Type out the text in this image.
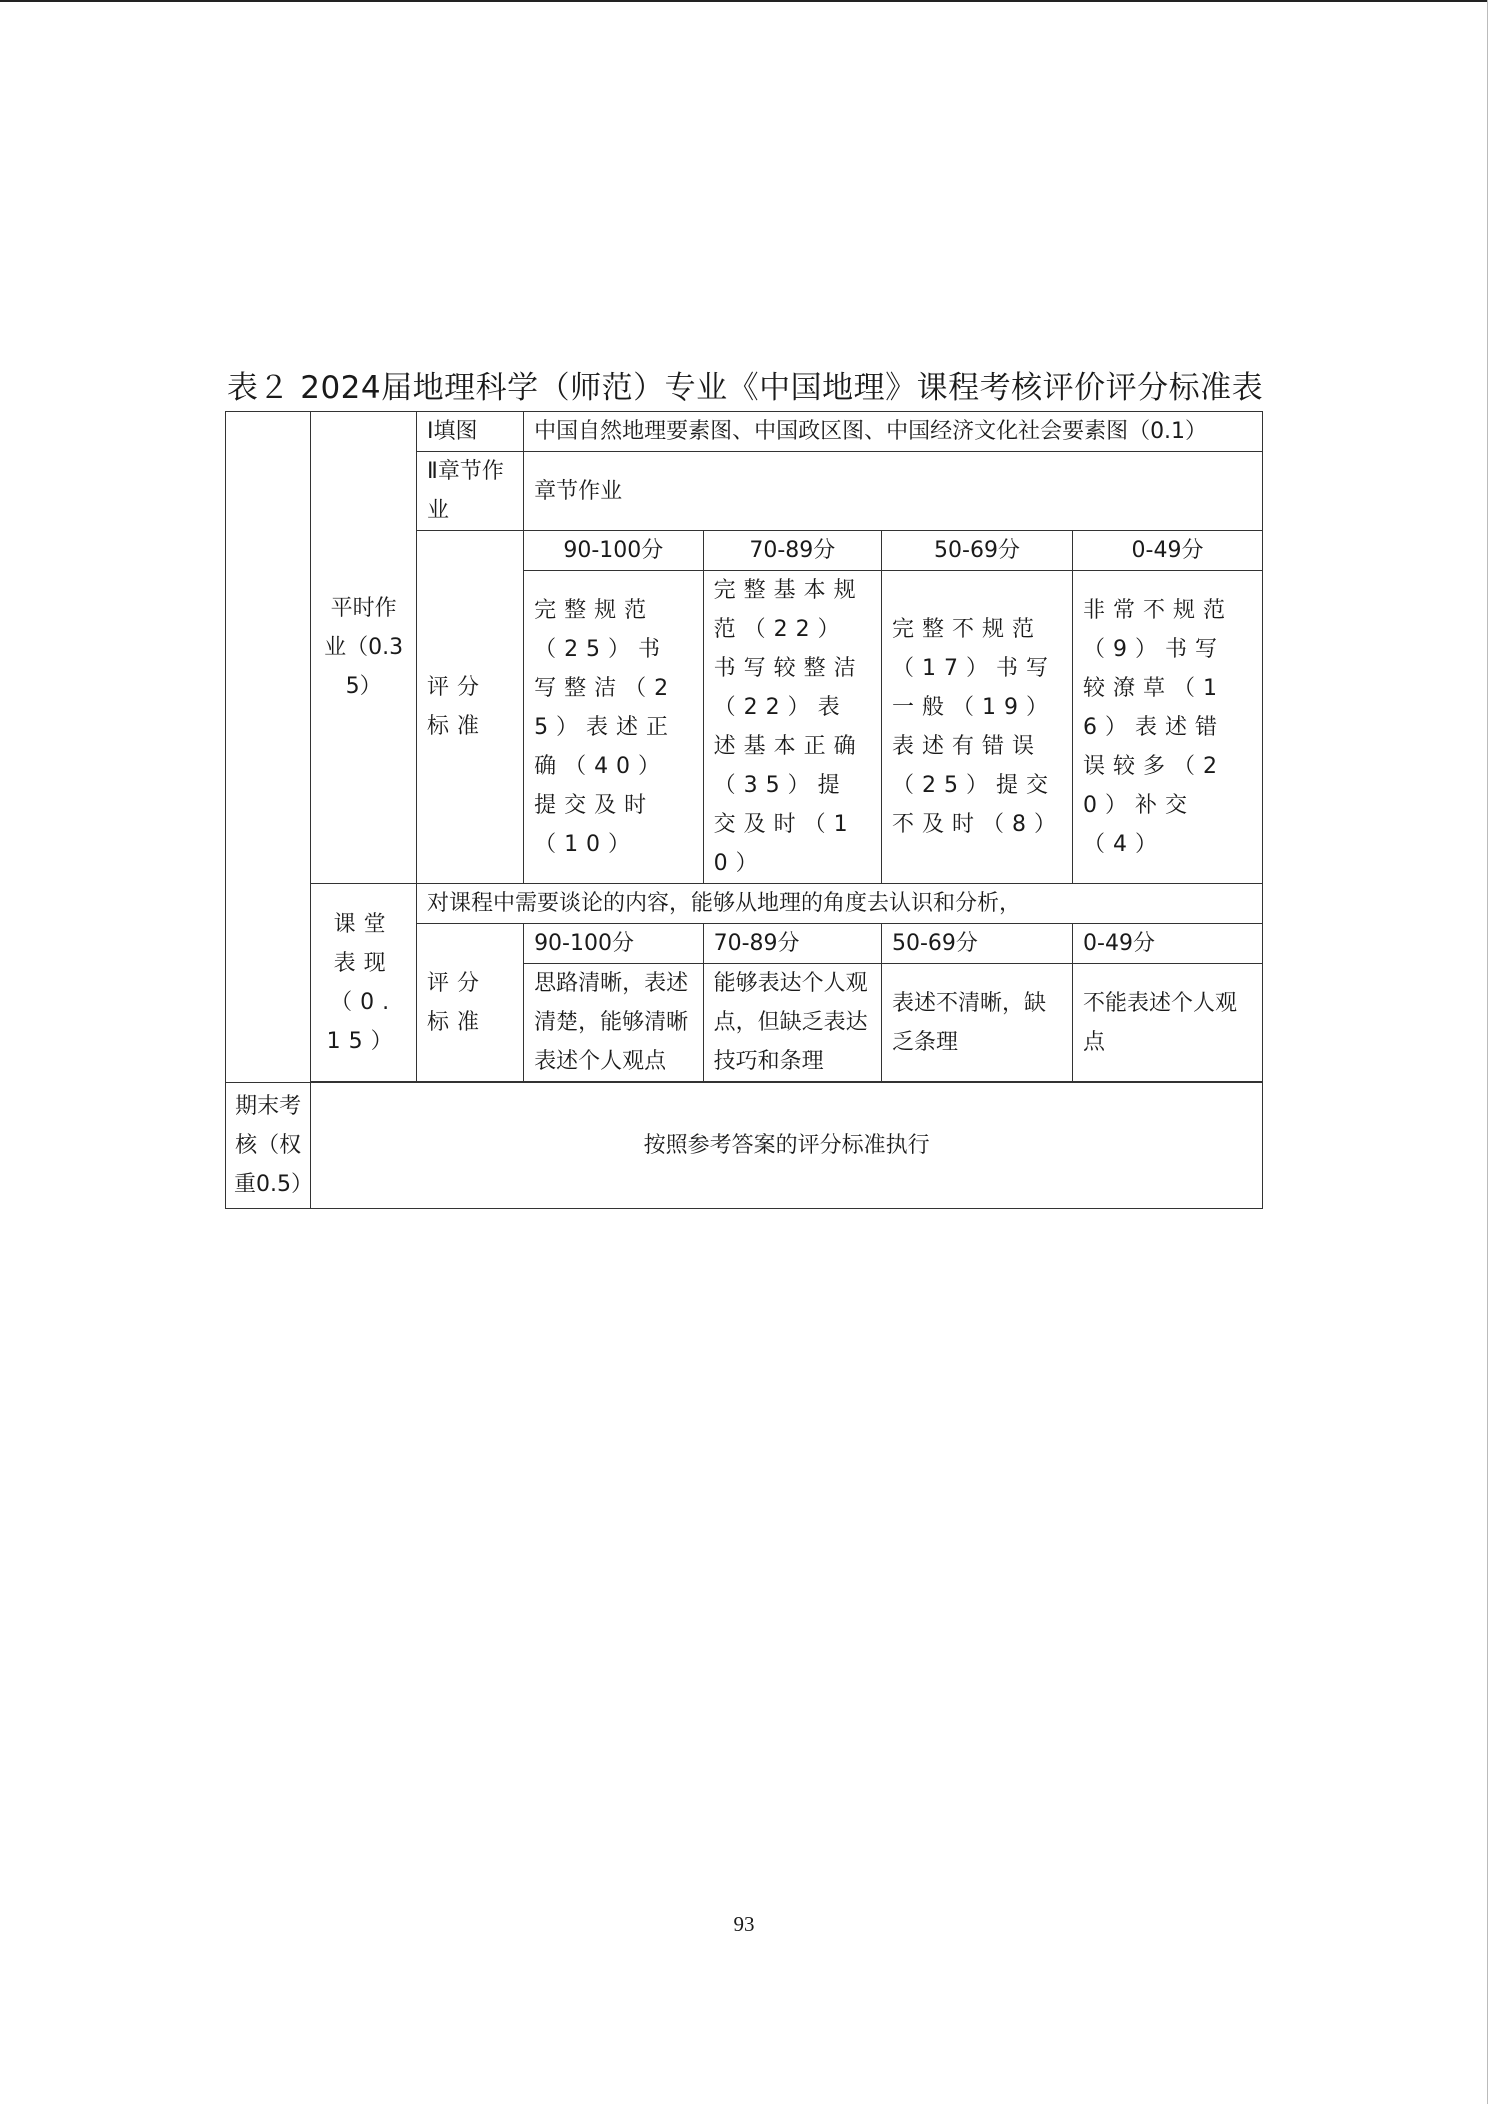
表２ 2024届地理科学（师范）专业《中国地理》课程考核评价评分标准表
	平时作业（0.35）	Ⅰ填图	中国自然地理要素图、中国政区图、中国经济文化社会要素图（0.1）			
		Ⅱ章节作业	章节作业			
		评分标准	90-100分	70-89分	50-69分	0-49分
			完整规范（25）书写整洁（25）表述正确（40）提交及时（10）	完整基本规范（22）书写较整洁（22）表述基本正确（35）提交及时（10）	完整不规范（17）书写一般（19）表述有错误（25）提交不及时（8）	非常不规范（9）书写较潦草（16）表述错误较多（20）补交（4）
	课堂表现（0.15）	对课程中需要谈论的内容，能够从地理的角度去认识和分析，				
		评分标准	90-100分	70-89分	50-69分	0-49分
			思路清晰，表述清楚，能够清晰表述个人观点	能够表达个人观点，但缺乏表达技巧和条理	表述不清晰，缺乏条理	不能表述个人观点

期末考核（权重0.5）	按照参考答案的评分标准执行					
93
